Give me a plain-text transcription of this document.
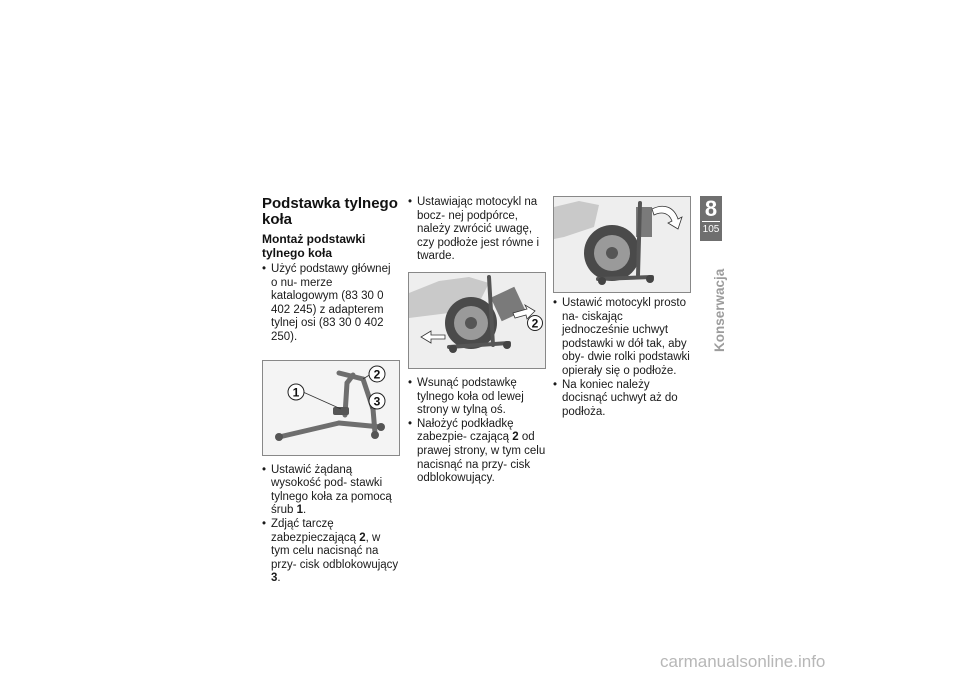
Podstawka tylnego koła
Montaż podstawki tylnego koła
• Użyć podstawy głównej o nu- merze katalogowym (83 30 0 402 245) z adapterem tylnej osi (83 30 0 402 250).
1
2
3
• Ustawić żądaną wysokość pod- stawki tylnego koła za pomocą śrub 1.
• Zdjąć tarczę zabezpieczającą 2, w tym celu nacisnąć na przy- cisk odblokowujący 3.
• Ustawiając motocykl na bocz- nej podpórce, należy zwrócić uwagę, czy podłoże jest równe i twarde.
2
• Wsunąć podstawkę tylnego koła od lewej strony w tylną oś.
• Nałożyć podkładkę zabezpie- czającą 2 od prawej strony, w tym celu nacisnąć na przy- cisk odblokowujący.
• Ustawić motocykl prosto na- ciskając jednocześnie uchwyt podstawki w dół tak, aby oby- dwie rolki podstawki opierały się o podłoże.
• Na koniec należy docisnąć uchwyt aż do podłoża.
8
105
Konserwacja
carmanualsonline.info
